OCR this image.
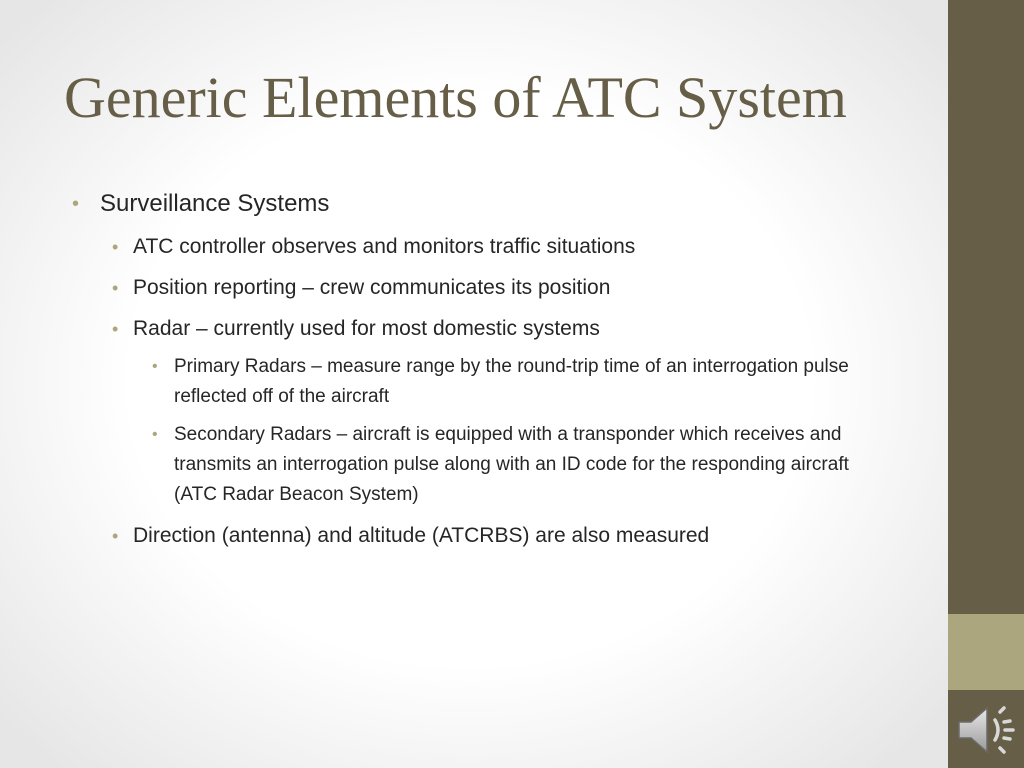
Generic Elements of ATC System
• Surveillance Systems
• ATC controller observes and monitors traffic situations
• Position reporting – crew communicates its position
• Radar – currently used for most domestic systems
• Primary Radars – measure range by the round-trip time of an interrogation pulse reflected off of the aircraft
• Secondary Radars – aircraft is equipped with a transponder which receives and transmits an interrogation pulse along with an ID code for the responding aircraft (ATC Radar Beacon System)
• Direction (antenna) and altitude (ATCRBS) are also measured
